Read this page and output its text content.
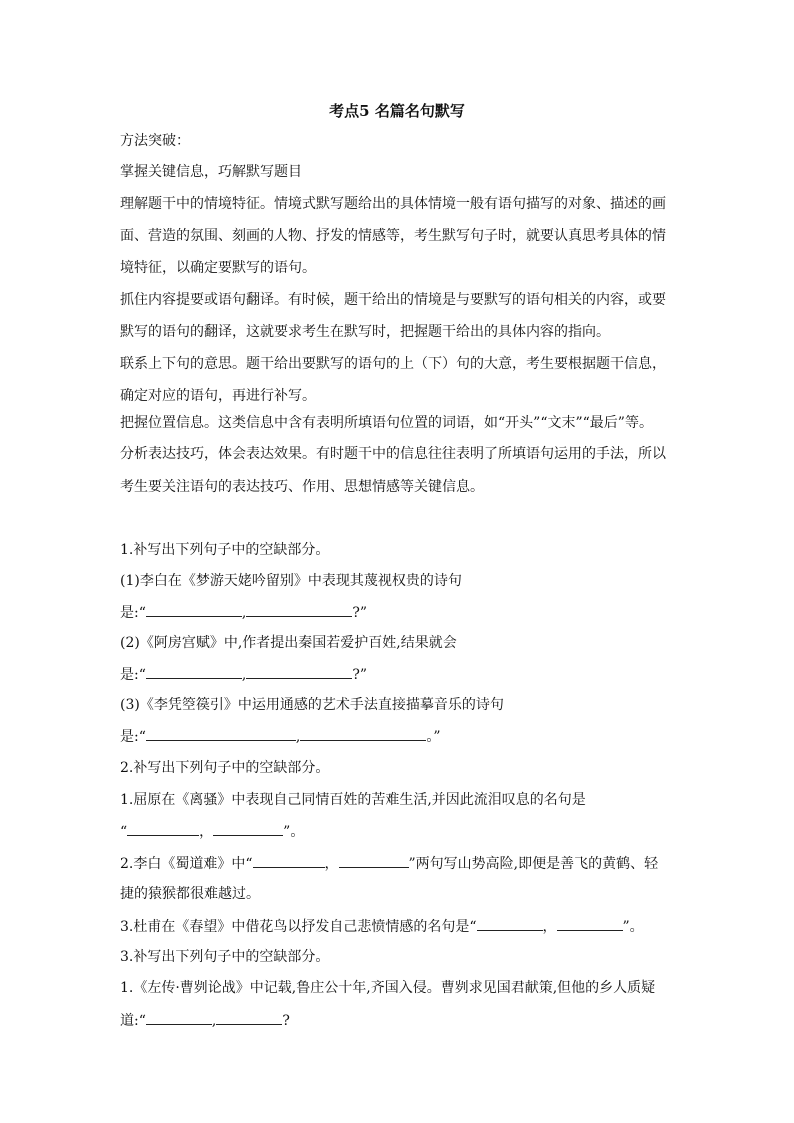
考点5 名篇名句默写
方法突破：
掌握关键信息，巧解默写题目
理解题干中的情境特征。情境式默写题给出的具体情境一般有语句描写的对象、描述的画
面、营造的氛围、刻画的人物、抒发的情感等，考生默写句子时，就要认真思考具体的情
境特征，以确定要默写的语句。
抓住内容提要或语句翻译。有时候，题干给出的情境是与要默写的语句相关的内容，或要
默写的语句的翻译，这就要求考生在默写时，把握题干给出的具体内容的指向。
联系上下句的意思。题干给出要默写的语句的上（下）句的大意，考生要根据题干信息，
确定对应的语句，再进行补写。
把握位置信息。这类信息中含有表明所填语句位置的词语，如“开头”“文末”“最后”等。
分析表达技巧，体会表达效果。有时题干中的信息往往表明了所填语句运用的手法，所以
考生要关注语句的表达技巧、作用、思想情感等关键信息。
1.补写出下列句子中的空缺部分。
(1)李白在《梦游天姥吟留别》中表现其蔑视权贵的诗句
是:“	,	?”
(2)《阿房宫赋》中,作者提出秦国若爱护百姓,结果就会
是:“	,	?”
(3)《李凭箜篌引》中运用通感的艺术手法直接描摹音乐的诗句
是:“	,	。”
2.补写出下列句子中的空缺部分。
1.屈原在《离骚》中表现自己同情百姓的苦难生活,并因此流泪叹息的名句是
“	，	”。
2.李白《蜀道难》中“	，	”两句写山势高险,即便是善飞的黄鹤、轻
捷的猿猴都很难越过。
3.杜甫在《春望》中借花鸟以抒发自己悲愤情感的名句是“	，	”。
3.补写出下列句子中的空缺部分。
1.《左传·曹刿论战》中记载,鲁庄公十年,齐国入侵。曹刿求见国君献策,但他的乡人质疑
道:“	,	?
